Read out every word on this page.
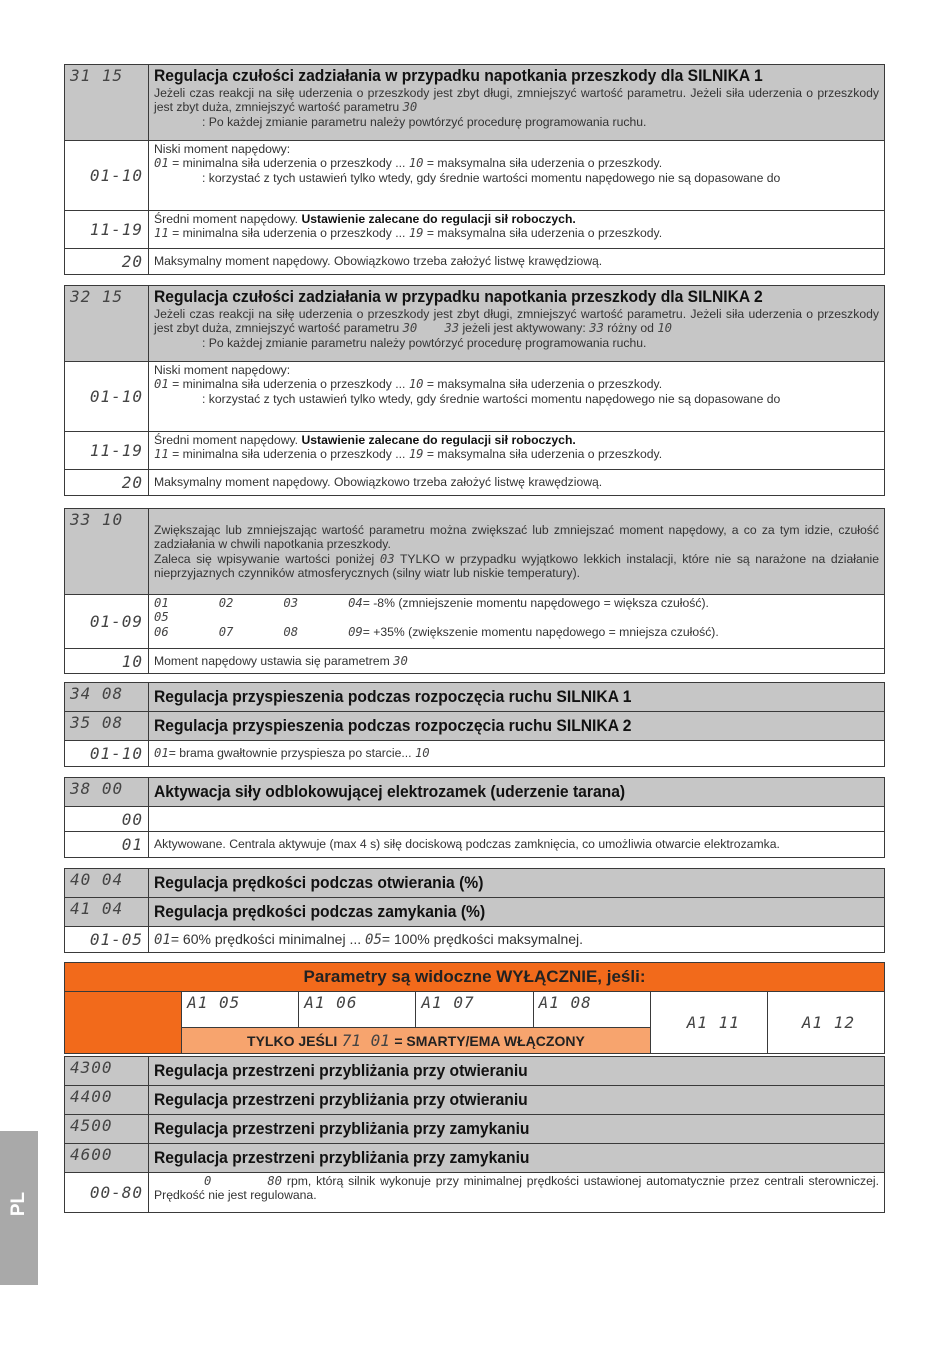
31 15	Regulacja czułości zadziałania w przypadku napotkania przeszkody dla SILNIKA 1
Jeżeli czas reakcji na siłę uderzenia o przeszkody jest zbyt długi, zmniejszyć wartość parametru. Jeżeli siła uderzenia o przeszkody jest zbyt duża, zmniejszyć wartość parametru 30
: Po każdej zmianie parametru należy powtórzyć procedurę programowania ruchu.

01-10	Niski moment napędowy:
01 = minimalna siła uderzenia o przeszkody ... 10 = maksymalna siła uderzenia o przeszkody.
: korzystać z tych ustawień tylko wtedy, gdy średnie wartości momentu napędowego nie są dopasowane do

11-19	Średni moment napędowy. Ustawienie zalecane do regulacji sił roboczych.
11 = minimalna siła uderzenia o przeszkody ... 19 = maksymalna siła uderzenia o przeszkody.

20	Maksymalny moment napędowy. Obowiązkowo trzeba założyć listwę krawędziową.
32 15	Regulacja czułości zadziałania w przypadku napotkania przeszkody dla SILNIKA 2
Jeżeli czas reakcji na siłę uderzenia o przeszkody jest zbyt długi, zmniejszyć wartość parametru. Jeżeli siła uderzenia o przeszkody jest zbyt duża, zmniejszyć wartość parametru 30 33 jeżeli jest aktywowany: 33 różny od 10
: Po każdej zmianie parametru należy powtórzyć procedurę programowania ruchu.

01-10	Niski moment napędowy:
01 = minimalna siła uderzenia o przeszkody ... 10 = maksymalna siła uderzenia o przeszkody.
: korzystać z tych ustawień tylko wtedy, gdy średnie wartości momentu napędowego nie są dopasowane do

11-19	Średni moment napędowy. Ustawienie zalecane do regulacji sił roboczych.
11 = minimalna siła uderzenia o przeszkody ... 19 = maksymalna siła uderzenia o przeszkody.

20	Maksymalny moment napędowy. Obowiązkowo trzeba założyć listwę krawędziową.
33 10	Zwiększając lub zmniejszając wartość parametru można zwiększać lub zmniejszać moment napędowy, a co za tym idzie, czułość zadziałania w chwili napotkania przeszkody.
Zaleca się wpisywanie wartości poniżej 03 TYLKO w przypadku wyjątkowo lekkich instalacji, które nie są narażone na działanie nieprzyjaznych czynników atmosferycznych (silny wiatr lub niskie temperatury).

01-09	01 02 03 04= -8% (zmniejszenie momentu napędowego = większa czułość).
05
06 07 08 09= +35% (zwiększenie momentu napędowego = mniejsza czułość).

10	Moment napędowy ustawia się parametrem 30
34 08	Regulacja przyspieszenia podczas rozpoczęcia ruchu SILNIKA 1

35 08	Regulacja przyspieszenia podczas rozpoczęcia ruchu SILNIKA 2

01-10	01= brama gwałtownie przyspiesza po starcie... 10
38 00	Aktywacja siły odblokowującej elektrozamek (uderzenie tarana)

00	
01	Aktywowane. Centrala aktywuje (max 4 s) siłę dociskową podczas zamknięcia, co umożliwia otwarcie elektrozamka.
40 04	Regulacja prędkości podczas otwierania (%)

41 04	Regulacja prędkości podczas zamykania (%)

01-05	01= 60% prędkości minimalnej ... 05= 100% prędkości maksymalnej.
Parametry są widoczne WYŁĄCZNIE, jeśli:
	A1 05	A1 06	A1 07	A1 08	A1 11	A1 12
TYLKO JEŚLI 71 01 = SMARTY/EMA WŁĄCZONY
4300	Regulacja przestrzeni przybliżania przy otwieraniu

4400	Regulacja przestrzeni przybliżania przy otwieraniu

4500	Regulacja przestrzeni przybliżania przy zamykaniu

4600	Regulacja przestrzeni przybliżania przy zamykaniu

00-80	0 80 rpm, którą silnik wykonuje przy minimalnej prędkości ustawionej automatycznie przez centrali sterowniczej. Prędkość nie jest regulowana.
PL
